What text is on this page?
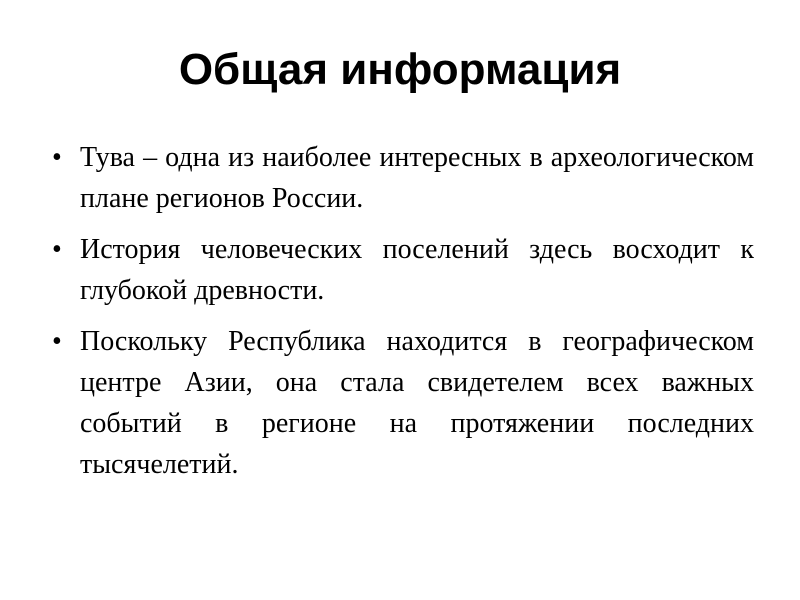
Общая информация
• Тува – одна из наиболее интересных в археологическом плане регионов России.
• История человеческих поселений здесь восходит к глубокой древности.
• Поскольку Республика находится в географическом центре Азии, она стала свидетелем всех важных событий в регионе на протяжении последних тысячелетий.
